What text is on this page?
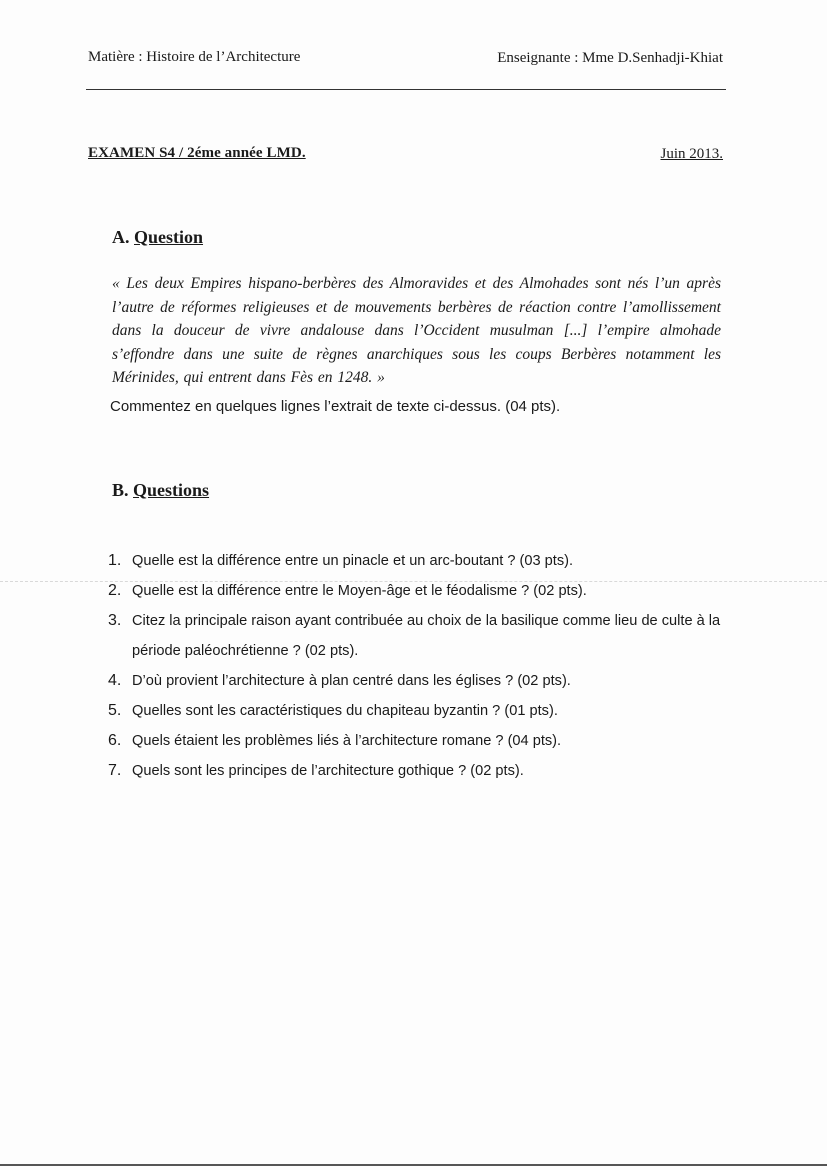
Matière : Histoire de l’Architecture	Enseignante : Mme D.Senhadji-Khiat
EXAMEN S4 / 2éme année LMD.	Juin 2013.
A. Question
« Les deux Empires hispano-berbères des Almoravides et des Almohades sont nés l’un après l’autre de réformes religieuses et de mouvements berbères de réaction contre l’amollissement dans la douceur de vivre andalouse dans l’Occident musulman [...] l’empire almohade s’effondre dans une suite de règnes anarchiques sous les coups Berbères notamment les Mérinides, qui entrent dans Fès en 1248. »
Commentez en quelques lignes l’extrait de texte ci-dessus. (04 pts).
B. Questions
1. Quelle est la différence entre un pinacle et un arc-boutant ? (03 pts).
2. Quelle est la différence entre le Moyen-âge et le féodalisme ? (02 pts).
3. Citez la principale raison ayant contribuée au choix de la basilique comme lieu de culte à la période paléochrétienne ? (02 pts).
4. D’où provient l’architecture à plan centré dans les églises ? (02 pts).
5. Quelles sont les caractéristiques du chapiteau byzantin ? (01 pts).
6. Quels étaient les problèmes liés à l’architecture romane ? (04 pts).
7. Quels sont les principes de l’architecture gothique ? (02 pts).
